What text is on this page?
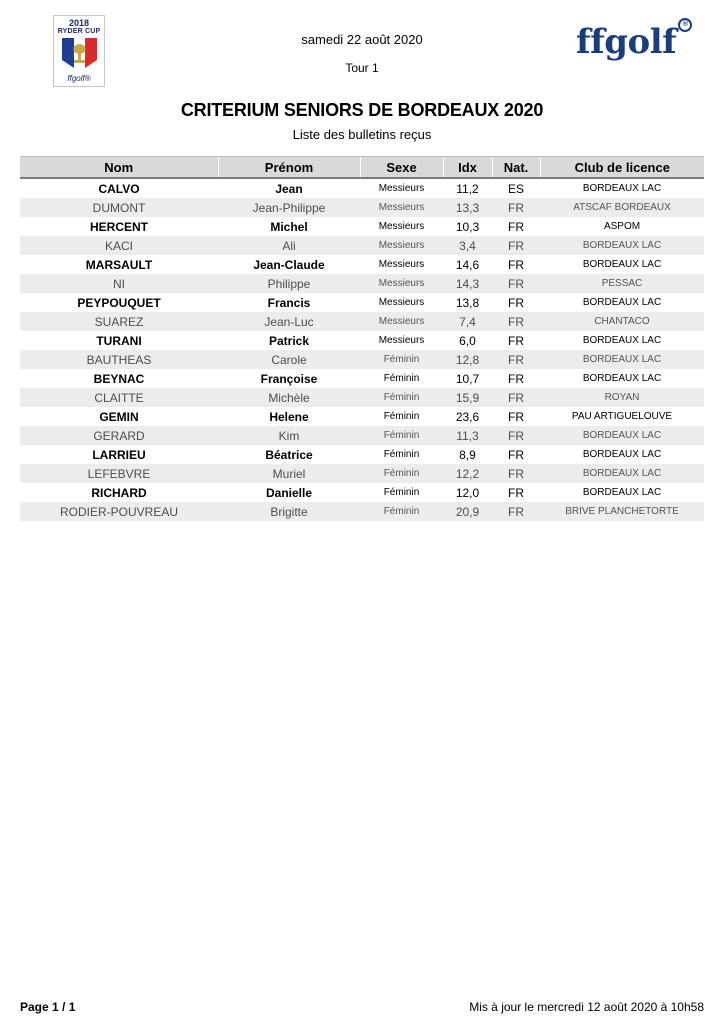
2018
RYDER CUP
ffgolf®
ffgolf ®
samedi 22 août 2020
Tour 1
CRITERIUM SENIORS DE BORDEAUX 2020
Liste des bulletins reçus
Nom	Prénom	Sexe	Idx	Nat.	Club de licence
CALVO	Jean	Messieurs	11,2	ES	BORDEAUX LAC
DUMONT	Jean-Philippe	Messieurs	13,3	FR	ATSCAF BORDEAUX
HERCENT	Michel	Messieurs	10,3	FR	ASPOM
KACI	Ali	Messieurs	3,4	FR	BORDEAUX LAC
MARSAULT	Jean-Claude	Messieurs	14,6	FR	BORDEAUX LAC
NI	Philippe	Messieurs	14,3	FR	PESSAC
PEYPOUQUET	Francis	Messieurs	13,8	FR	BORDEAUX LAC
SUAREZ	Jean-Luc	Messieurs	7,4	FR	CHANTACO
TURANI	Patrick	Messieurs	6,0	FR	BORDEAUX LAC
BAUTHEAS	Carole	Féminin	12,8	FR	BORDEAUX LAC
BEYNAC	Françoise	Féminin	10,7	FR	BORDEAUX LAC
CLAITTE	Michèle	Féminin	15,9	FR	ROYAN
GEMIN	Helene	Féminin	23,6	FR	PAU ARTIGUELOUVE
GERARD	Kim	Féminin	11,3	FR	BORDEAUX LAC
LARRIEU	Béatrice	Féminin	8,9	FR	BORDEAUX LAC
LEFEBVRE	Muriel	Féminin	12,2	FR	BORDEAUX LAC
RICHARD	Danielle	Féminin	12,0	FR	BORDEAUX LAC
RODIER-POUVREAU	Brigitte	Féminin	20,9	FR	BRIVE PLANCHETORTE
Page 1 / 1	Mis à jour le mercredi 12 août 2020 à 10h58
